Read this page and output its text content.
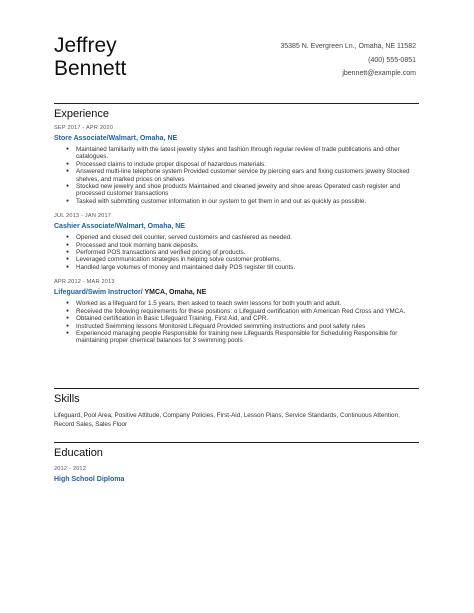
Jeffrey
Bennett
35385 N. Evergreen Ln., Omaha, NE 11582
(400) 555-0851
jbennett@example.com
Experience
SEP 2017 - APR 2020
Store Associate/Walmart, Omaha, NE
● Maintained familiarity with the latest jewelry styles and fashion through regular review of trade publications and other catalogues.
● Processed claims to include proper disposal of hazardous materials.
● Answered multi-line telephone system Provided customer service by piercing ears and fixing customers jewelry Stocked shelves, and marked prices on shelves
● Stocked new jewelry and shoe products Maintained and cleaned jewelry and shoe areas Operated cash register and processed customer transactions
● Tasked with submitting customer information in our system to get them in and out as quickly as possible.
JUL 2013 - JAN 2017
Cashier Associate/Walmart, Omaha, NE
● Opened and closed deli counter, served customers and cashiered as needed.
● Processed and took morning bank deposits.
● Performed POS transactions and verified pricing of products.
● Leveraged communication strategies in helping solve customer problems.
● Handled large volumes of money and maintained daily POS register till counts.
APR 2012 - MAR 2013
Lifeguard/Swim Instructor/ YMCA, Omaha, NE
● Worked as a lifeguard for 1.5 years, then asked to teach swim lessons for both youth and adult.
● Received the following requirements for these positions: o Lifeguard certification with American Red Cross and YMCA.
● Obtained certification in Basic Lifeguard Training, First Aid, and CPR.
● Instructed Swimming lessons Monitored Lifeguard Provided swimming instructions and pool safety rules
● Experienced managing people Responsible for training new Lifeguards Responsible for Scheduling Responsible for maintaining proper chemical balances for 3 swimming pools
Skills
Lifeguard, Pool Area, Positive Attitude, Company Policies, First-Aid, Lesson Plans, Service Standards, Continuous Attention, Record Sales, Sales Floor
Education
2012 - 2012
High School Diploma
